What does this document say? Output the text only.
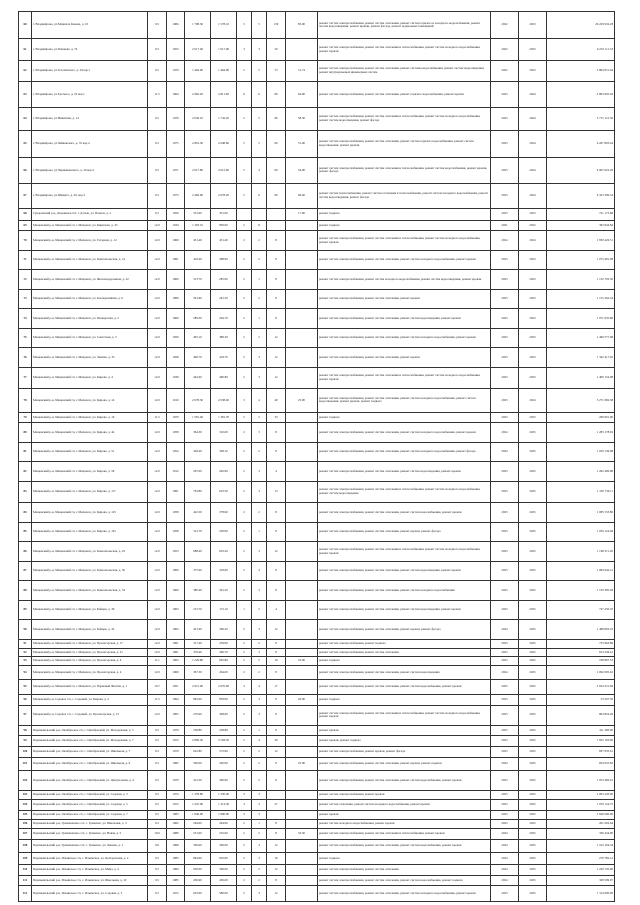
60	г. Владимiрово, ул.Маршала Конева, д. 10	9.5	1984	1 798.30	1 578.10	5	5	130	85.00	ремонт систем электроснабжения, ремонт систем отопления, ремонт систем горячего и холодного водоснабжения, ремонт систем водоотведения, ремонт кровли, ремонт фасада, ремонт подвальных помещений	2022	2023	26 229 932.28
61	г. Владимiрово, ул.Пашкова, д. 74	9.5	1953	2 017.40	1 917.00	3	3	50		ремонт систем электроснабжения, ремонт систем отопления и теплоснабжения, ремонт систем холодного водоснабжения, ремонт кровли	2022	2023	6 252 111.53
62	г. Владимiрово, ул.Гоголевского, д. 29 кор.1	9.5	1970	1 464.90	1 464.90	5	5	73	51.74	ремонт систем электроснабжения, ремонт систем отопления, ремонт системы водоснабжения, ремонт систем водоотведения, ремонт внутридомовых инженерных систем	2022	2023	3 804 051.64
63	г. Владимiрово, ул.Третьего, д. 10 кор.1	11.5	1964	2 962.20	2 811.90	6	6	66	64.00	ремонт систем электроснабжения, ремонт систем отопления, ремонт горячего водоснабжения, ремонт кровли	2023	2024	4 863 905.26
64	г. Владимiрово, ул.Никитина, д. 14	9.5	1976	2 036.10	1 742.20	5	5	96	58.30	ремонт систем электроснабжения, ремонт систем отопления и теплоснабжения, ремонт систем холодного водоснабжения, ремонт систем водоотведения, ремонт фасада	2023	2024	3 715 121.50
65	г. Владимiрово, ул.Чайковского, д. 35 кор.4	9.5	1975	2 891.30	2 648.60	5	5	60	51.00	ремонт систем электроснабжения, ремонт систем отопления, ремонт систем горячего водоснабжения, ремонт систем водоотведения, ремонт кровли	2023	2024	6 267 893.44
66	г. Владимiрово, ул.Чернышевского, д. 29 кор.2	9.5	1971	2 617.80	2 612.60	5	4	60	54.00	ремонт систем электроснабжения, ремонт систем отопления и теплоснабжения, ремонт систем водоснабжения, ремонт кровли, ремонт фасада	2023	2024	6 907 622.20
67	г. Владимiрово, ул.Шмидта, д. 20, кор.2	9.5	1973	2 482.00	2 678.20	5	6	90	60.40	ремонт систем теплоснабжения, ремонт систем отопления и теплоснабжения, ремонт систем холодного водоснабжения, ремонт систем водоотведения, ремонт фасада	2023	2024	6 323 399.54
68	Суворовский р-н, Дзержинск пгт, г. Дзгзак, ул. Ильича, д. 2	6.5	1950	331.00	331.00				17.00	ремонт подвала	2023	2023	721 173.68
69	Мещовский р-н, Мещовский гп, г. Мещовск, ул. Кирилова, д. 45	12.0	1934	1 393.10	836.00	2	11			ремонт подвала	2021	2022	365 844.84
70	Мещовский р-н, Мещовский гп, г. Мещовск, ул. Гагарина, д. 12	12.0	1960	431.40	431.40	2	2	8		ремонт систем электроснабжения, ремонт систем отопления и теплоснабжения, ремонт систем холодного водоснабжения, ремонт кровли	2024	2024	1 830 426.51
71	Мещовский р-н, Мещовский гп, г. Мещовск, ул. Комсомольская, д. 14	12.0	1961	418.40	288.90	2	2	8		ремонт систем электроснабжения, ремонт систем отопления, ремонт систем холодного водоснабжения, ремонт кровли	2023	2023	1 075 481.08
72	Мещовский р-н, Мещовский гп, г. Мещовск, ул. Железнодорожная, д. 22	12.0	1960	313.70	285.00	2	1	8		ремонт систем электроснабжения, ремонт систем холодного водоснабжения, ремонт систем водоотведения, ремонт кровли	2023	2023	1 132 702.30
73	Мещовский р-н, Мещовский гп, г. Мещовск, ул. Кооперативная, д. 6	12.0	1966	301.60	261.30	2	2	8		ремонт систем электроснабжения, ремонт систем отопления, ремонт кровли	2023	2023	1 155 262.34
74	Мещовский р-н, Мещовский гп, г. Мещовск, ул. Пионерская, д. 2	12.0	1960	289.30	264.70	2	1	8		ремонт систем электроснабжения, ремонт систем отопления, ремонт систем водоотведения, ремонт кровли	2023	2023	1 071 635.80
75	Мещовский р-н, Мещовский гп, г. Мещовск, ул. Советская, д. 3	12.0	1959	405.10	389.30	2	2	12		ремонт систем электроснабжения, ремонт систем отопления, ремонт систем холодного водоснабжения, ремонт кровли	2023	2023	1 469 577.68
76	Мещовский р-н, Мещовский гп, г. Мещовск, ул. Ленина, д. 33	12.0	1958	400.70	418.70	2	3	12		ремонт систем электроснабжения, ремонт систем отопления, ремонт кровли	2023	2023	1 342 417.02
77	Мещовский р-н, Мещовский гп, г. Мещовск, ул. Кирова, д. 4	12.0	1939	442.00	400.80	2	3	12		ремонт систем электроснабжения, ремонт систем отопления и теплоснабжения, ремонт систем холодного водоснабжения, ремонт кровли	2023	2023	1 400 154.08
78	Мещовский р-н, Мещовский гп, г. Мещовск, ул. Кирова, д. 14	12.0	1910	2 078.30	2 038.40	3	4	40	25.00	ремонт систем электроснабжения, ремонт систем отопления, ремонт систем холодного водоснабжения, ремонт систем водоотведения, ремонт кровли, ремонт подвала	2023	2024	3 271 982.38
79	Мещовский р-н, Мещовский гп, г. Мещовск, ул. Кирова, д. 16	11.5	1970	1 581.40	1 381.70	5	2	33		ремонт подвала	2023	2023	269 991.90
80	Мещовский р-н, Мещовский гп, г. Мещовск, ул. Кирова, д. 44	12.0	1958	364.30	310.00	2	3	8		ремонт систем электроснабжения, ремонт систем отопления, ремонт систем холодного водоснабжения, ремонт кровли	2024	2025	1 283 178.92
81	Мещовский р-н, Мещовский гп, г. Мещовск, ул. Кирова, д. 51	12.0	1954	328.40	328.10	2	2	8		ремонт систем электроснабжения, ремонт систем отопления, ремонт систем холодного водоснабжения, ремонт фасада	2024	2025	1 059 136.98
82	Мещовский р-н, Мещовский гп, г. Мещовск, ул. Кирова, д. 58	12.0	1912	267.00	262.90	2	3	4		ремонт систем электроснабжения, ремонт систем отопления, ремонт систем водоотведения, ремонт кровли	2023	2025	1 262 400.98
83	Мещовский р-н, Мещовский гп, г. Мещовск, ул. Кирова, д. 117	12.0	1961	763.80	610.50	2	3	13		ремонт систем электроснабжения, ремонт систем отопления и теплоснабжения, ремонт систем холодного водоснабжения, ремонт систем водоотведения	2023	2025	1 330 730.11
84	Мещовский р-н, Мещовский гп, г. Мещовск, ул. Кирова, д. 125	12.0	1958	422.50	378.90	2	2	8		ремонт систем электроснабжения, ремонт систем отопления, ремонт систем водоснабжения, ремонт кровли	2023	2025	1 085 533.80
85	Мещовский р-н, Мещовский гп, г. Мещовск, ул. Кирова, д. 161	12.0	1958	312.70	250.00	2	1	8		ремонт систем электроснабжения, ремонт систем отопления, ремонт кровли, ремонт фасада	2023	2025	1 056 124.48
86	Мещовский р-н, Мещовский гп, г. Мещовск, ул. Комсомольская, д. 45	12.0	1953	688.40	632.20	2	3	12		ремонт систем электроснабжения, ремонт систем отопления и теплоснабжения, ремонт систем холодного водоснабжения, ремонт кровли	2023	2025	1 168 311.20
87	Мещовский р-н, Мещовский гп, г. Мещовск, ул. Комсомольская, д. 50	12.0	1960	375.60	318.60	2	4	8		ремонт систем электроснабжения, ремонт систем отопления, ремонт систем водоотведения, ремонт кровли	2023	2025	1 084 942.21
88	Мещовский р-н, Мещовский гп, г. Мещовск, ул. Комсомольская, д. 54	12.0	1960	380.40	361.20	2	3	8		ремонт систем электроснабжения, ремонт систем отопления, ремонт систем холодного водоснабжения	2023	2025	1 159 385.28
89	Мещовский р-н, Мещовский гп, г. Мещовск, ул. Бойцов, д. 30	12.0	1963	215.70	172.10	1	2	4		ремонт систем электроснабжения, ремонт систем отопления, ремонт систем водоотведения, ремонт кровли	2023	2025	747 450.35
90	Мещовский р-н, Мещовский гп, г. Мещовск, ул. Бойцов, д. 32	12.0	1963	421.90	306.20	2	3	12		ремонт систем электроснабжения, ремонт систем отопления, ремонт кровли, ремонт фасада	2024	2025	1 468 893.10
91	Мещовский р-н, Мещовский гп, г. Мещовск, ул. Пролетарская, д. 17	12.0	1961	317.40	239.00	2	2	8		ремонт систем электроснабжения, ремонт подвала	2023	2025	733 964.89
92	Мещовский р-н, Мещовский гп, г. Мещовск, ул. Пролетарская, д. 21	12.0	1961	376.40	260.70	2	3	8		ремонт систем электроснабжения, ремонт систем отопления	2023	2025	813 436.41
93	Мещовский р-н, Мещовский гп, г. Мещовск, ул. Пролетарская, д. 6	11.1	1963	1 229.80	605.80	2	5	10	25.00	ремонт подвала	2023	2025	198 897.53
94	Мещовский р-н, Мещовский гп, г. Мещовск, ул. Пролетарская, д. 4	12.0	1960	367.30	264.00	2	2	8		ремонт систем электроснабжения, ремонт систем отопления, ремонт систем водоотведения	2024	2025	1 092 095.42
95	Мещовский р-н, Мещовский гп, г. Мещовск, ул. Парковый Фонтан, д. 1	10.7	1951	2 915.00	2 670.60	3	4	17		ремонт систем электроснабжения, ремонт систем отопления, ремонт систем водоснабжения, ремонт кровли	2025	2025	2 024 521.69
96	Мещовский р-н, Садовое с/п, с. Садовый, ул. Кирова, д. 2	11.5	1964	862.00	859.00	2	3	8	20.00	ремонт подвала	2023	2025	33 207.30
97	Мещовский р-н, Садовое с/п, с. Садовый, ул. Пролетарская, д. 15	12.0	1965	279.90	308.60	2	3	8		ремонт систем электроснабжения, ремонт систем отопления и теплоснабжения, ремонт систем холодного водоснабжения, ремонт кровли	2023	2025	804 824.26
98	Перемышльский р-н, Октябрьское с/п, с. Октябрьский, ул. Молодежная, д. 5	9.5	1979	258.80	258.80	2	1	8		ремонт кровли	2025	2025	411 300.00
99	Перемышльский р-н, Октябрьское с/п, с. Октябрьский, ул. Молодежная, д. 7	9.5	1972	2 800.50	2 594.50	5	4	39		ремонт кровли, ремонт подвала	2023	2025	7 052 193.00
100	Перемышльский р-н, Октябрьское с/п, с. Октябрьский, ул. Школьная, д. 7	9.5	1970	622.80	572.90	2	2	12		ремонт систем электроснабжения, ремонт кровли, ремонт фасада	2023	2025	837 935.61
101	Перемышльский р-н, Октябрьское с/п, с. Октябрьский, ул. Школьная, д. 9	9.5	1982	500.00	450.00	2	2	8	25.00	ремонт систем электроснабжения, ремонт систем отопления, ремонт кровли, ремонт подвала	2024	2025	834 055.82
102	Перемышльский р-н, Октябрьское с/п, с. Октябрьский, ул. Центральная, д. 4	9.5	1970	412.50	360.60	2	2	8		ремонт систем электроснабжения, ремонт систем отопления, ремонт систем водоснабжения, ремонт кровли	2023	2025	1 053 482.91
103	Перемышльский р-н, Октябрьское с/п, с. Октябрьский, ул. Садовая, д. 3	9.5	1974	1 378.80	1 350.00	3	3			ремонт систем электроснабжения, ремонт кровли	2023	2025	2 093 220.00
104	Перемышльский р-н, Октябрьское с/п, с. Октябрьский, ул. Садовая, д. 5	9.5	1972	1 447.00	1 314.30	3	3	27		ремонт систем отопления, ремонт систем холодного водоснабжения, ремонт кровли	2023	2025	1 979 124.75
105	Перемышльский р-н, Октябрьское с/п, с. Октябрьский, ул. Садовая, д. 7	9.5	1983	1 840.00	1 800.00	3	3			ремонт кровли	2023	2025	2 640 000.00
106	Перемышльский р-н, Гремячевское с/п, с. Гремячее, ул. Школьная, д. 3	9.5	1962	264.00	264.00	2	1	8		ремонт систем холодного водоснабжения, ремонт кровли	2023	2025	201 602.64
107	Перемышльский р-н, Гремячевское с/п, с. Гремячее, ул. Новая, д. 5	10.0	1980	251.00	252.00	2	2	8	32.50	ремонт систем электроснабжения, ремонт систем отопления и теплоснабжения, ремонт кровли	2024	2025	336 434.00
108	Перемышльский р-н, Гремячевское с/п, с. Гремячее, ул. Ленина, д. 1	9.6	1968	500.00	500.00	2	4	12		ремонт систем электроснабжения, ремонт систем отопления, ремонт систем водоснабжения, ремонт кровли	2024	2025	1 104 164.34
109	Перемышльский р-н, Ильинское с/п, с. Ильинское, ул. Центральная, д. 2	9.5	1983	894.00	810.00	2	3	16		ремонт подвала	2024	2025	270 782.12
110	Перемышльский р-н, Ильинское с/п, с. Ильинское, ул. Мира, д. 4	9.5	1984	650.00	560.00	2	2	12		ремонт систем электроснабжения, ремонт систем отопления	2024	2025	1 220 745.00
111	Перемышльский р-н, Ильинское с/п, с. Ильинское, ул. Школьная, д. 10	9.5	1985	456.90	450.00	2	2	8		ремонт систем электроснабжения, ремонт систем отопления, ремонт систем водоснабжения, ремонт подвала	2024	2025	328 599.07
112	Перемышльский р-н, Ильинское с/п, с. Ильинское, ул. Садовая, д. 3	9.5	1972	635.00	580.00	2	3	12		ремонт систем электроснабжения, ремонт систем отопления, ремонт систем холодного водоснабжения, ремонт кровли	2023	2025	1 314 000.00
